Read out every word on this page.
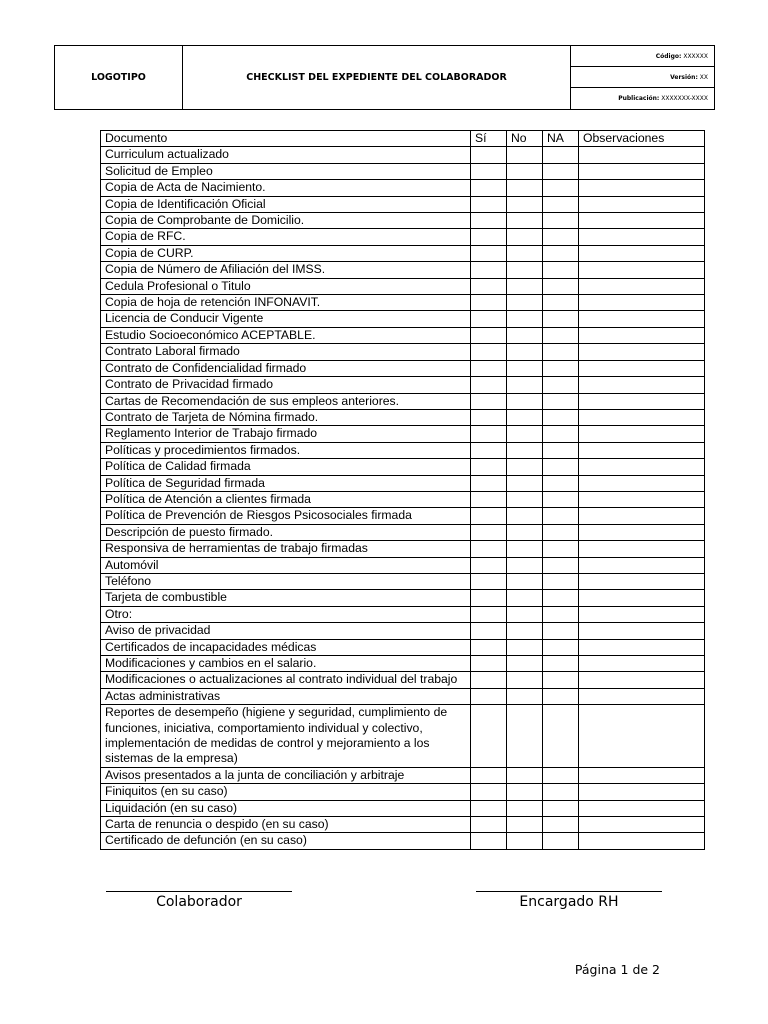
LOGOTIPO	CHECKLIST DEL EXPEDIENTE DEL COLABORADOR
Código:
XXXXXX
Versión:
XX
Publicación:
XXXXXXX-XXXX
Documento	Sí	No	NA	Observaciones
Curriculum actualizado				
Solicitud de Empleo				
Copia de Acta de Nacimiento.				
Copia de Identificación Oficial				
Copia de Comprobante de Domicilio.				
Copia de RFC.				
Copia de CURP.				
Copia de Número de Afiliación del IMSS.				
Cedula Profesional o Titulo				
Copia de hoja de retención INFONAVIT.				
Licencia de Conducir Vigente				
Estudio Socioeconómico ACEPTABLE.				
Contrato Laboral firmado				
Contrato de Confidencialidad firmado				
Contrato de Privacidad firmado				
Cartas de Recomendación de sus empleos anteriores.				
Contrato de Tarjeta de Nómina firmado.				
Reglamento Interior de Trabajo firmado				
Políticas y procedimientos firmados.				
Política de Calidad firmada				
Política de Seguridad firmada				
Política de Atención a clientes firmada				
Política de Prevención de Riesgos Psicosociales firmada				
Descripción de puesto firmado.				
Responsiva de herramientas de trabajo firmadas				
Automóvil				
Teléfono				
Tarjeta de combustible				
Otro:				
Aviso de privacidad				
Certificados de incapacidades médicas				
Modificaciones y cambios en el salario.				
Modificaciones o actualizaciones al contrato individual del trabajo				
Actas administrativas				
Reportes de desempeño (higiene y seguridad, cumplimiento de funciones, iniciativa, comportamiento individual y colectivo, implementación de medidas de control y mejoramiento a los sistemas de la empresa)				
Avisos presentados a la junta de conciliación y arbitraje				
Finiquitos (en su caso)				
Liquidación (en su caso)				
Carta de renuncia o despido (en su caso)				
Certificado de defunción (en su caso)				
Colaborador	Encargado RH
Página 1 de 2
